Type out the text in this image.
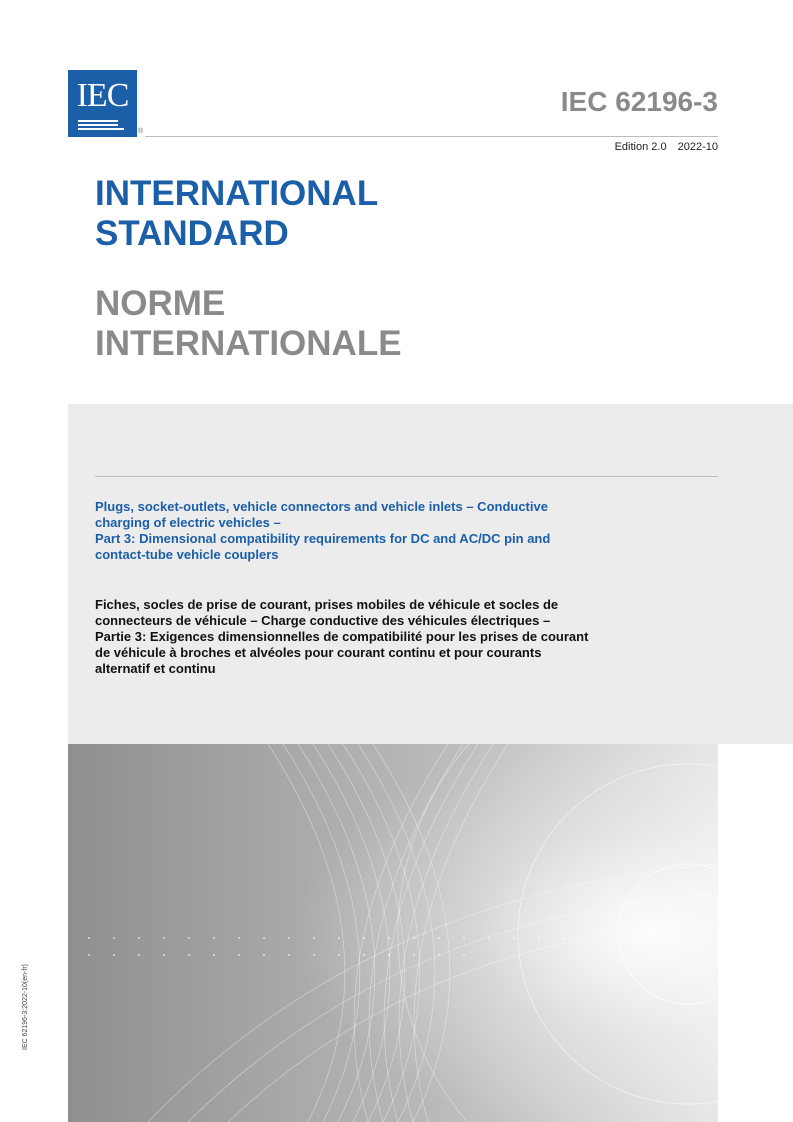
IEC
®
IEC 62196-3
Edition 2.0 2022-10
INTERNATIONAL
STANDARD
NORME
INTERNATIONALE
Plugs, socket-outlets, vehicle connectors and vehicle inlets – Conductive
charging of electric vehicles –
Part 3: Dimensional compatibility requirements for DC and AC/DC pin and
contact-tube vehicle couplers
Fiches, socles de prise de courant, prises mobiles de véhicule et socles de
connecteurs de véhicule – Charge conductive des véhicules électriques –
Partie 3: Exigences dimensionnelles de compatibilité pour les prises de courant
de véhicule à broches et alvéoles pour courant continu et pour courants
alternatif et continu
IEC 62196-3:2022-10(en-fr)
